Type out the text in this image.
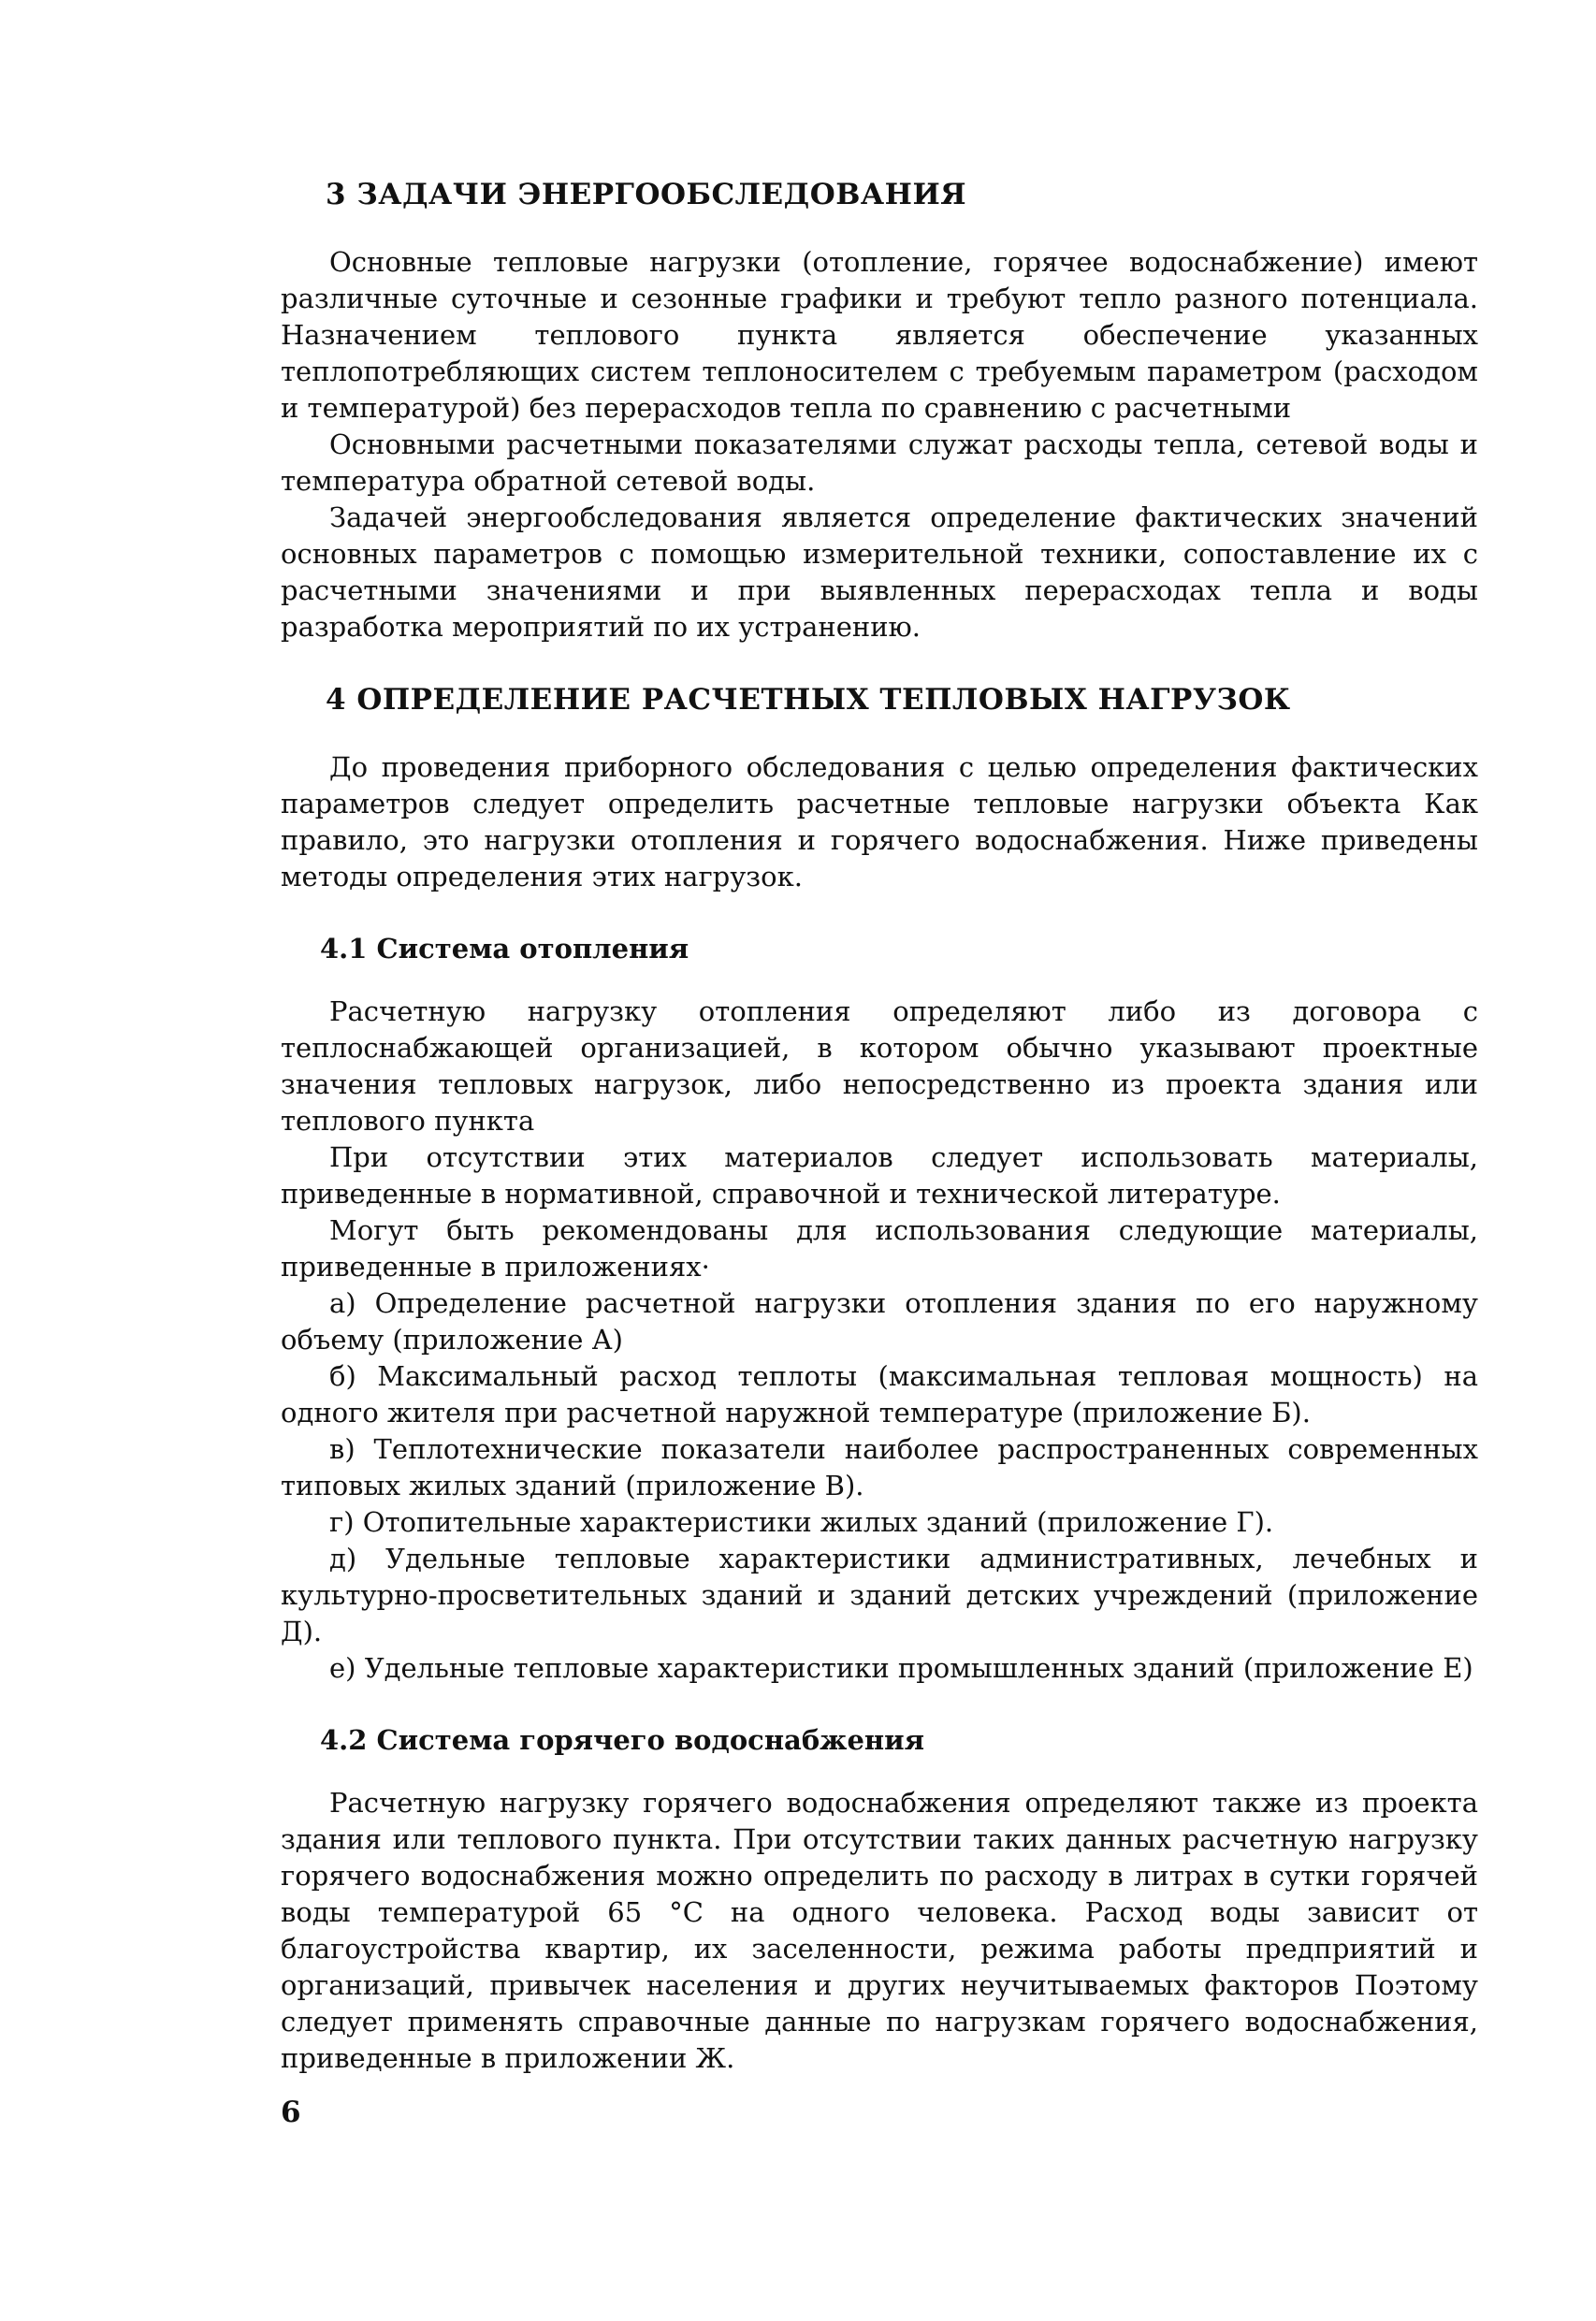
3 ЗАДАЧИ ЭНЕРГООБСЛЕДОВАНИЯ

Основные тепловые нагрузки (отопление, горячее водоснабжение) имеют различные суточные и сезонные графики и требуют тепло разного потенциала. Назначением теплового пункта является обеспечение указанных теплопотребляющих систем теплоносителем с требуемым параметром (расходом и температурой) без перерасходов тепла по сравнению с расчетными

Основными расчетными показателями служат расходы тепла, сетевой воды и температура обратной сетевой воды.

Задачей энергообследования является определение фактических значений основных параметров с помощью измерительной техники, сопоставление их с расчетными значениями и при выявленных перерасходах тепла и воды разработка мероприятий по их устранению.

4 ОПРЕДЕЛЕНИЕ РАСЧЕТНЫХ ТЕПЛОВЫХ НАГРУЗОК

До проведения приборного обследования с целью определения фактических параметров следует определить расчетные тепловые нагрузки объекта Как правило, это нагрузки отопления и горячего водоснабжения. Ниже приведены методы определения этих нагрузок.

4.1 Система отопления

Расчетную нагрузку отопления определяют либо из договора с теплоснабжающей организацией, в котором обычно указывают проектные значения тепловых нагрузок, либо непосредственно из проекта здания или теплового пункта

При отсутствии этих материалов следует использовать материалы, приведенные в нормативной, справочной и технической литературе.

Могут быть рекомендованы для использования следующие материалы, приведенные в приложениях·

а) Определение расчетной нагрузки отопления здания по его наружному объему (приложение А)

б) Максимальный расход теплоты (максимальная тепловая мощность) на одного жителя при расчетной наружной температуре (приложение Б).

в) Теплотехнические показатели наиболее распространенных современных типовых жилых зданий (приложение В).

г) Отопительные характеристики жилых зданий (приложение Г).

д) Удельные тепловые характеристики административных, лечебных и культурно-просветительных зданий и зданий детских учреждений (приложение Д).

е) Удельные тепловые характеристики промышленных зданий (приложение Е)

4.2 Система горячего водоснабжения

Расчетную нагрузку горячего водоснабжения определяют также из проекта здания или теплового пункта. При отсутствии таких данных расчетную нагрузку горячего водоснабжения можно определить по расходу в литрах в сутки горячей воды температурой 65 °С на одного человека. Расход воды зависит от благоустройства квартир, их заселенности, режима работы предприятий и организаций, привычек населения и других неучитываемых факторов Поэтому следует применять справочные данные по нагрузкам горячего водоснабжения, приведенные в приложении Ж.

6
